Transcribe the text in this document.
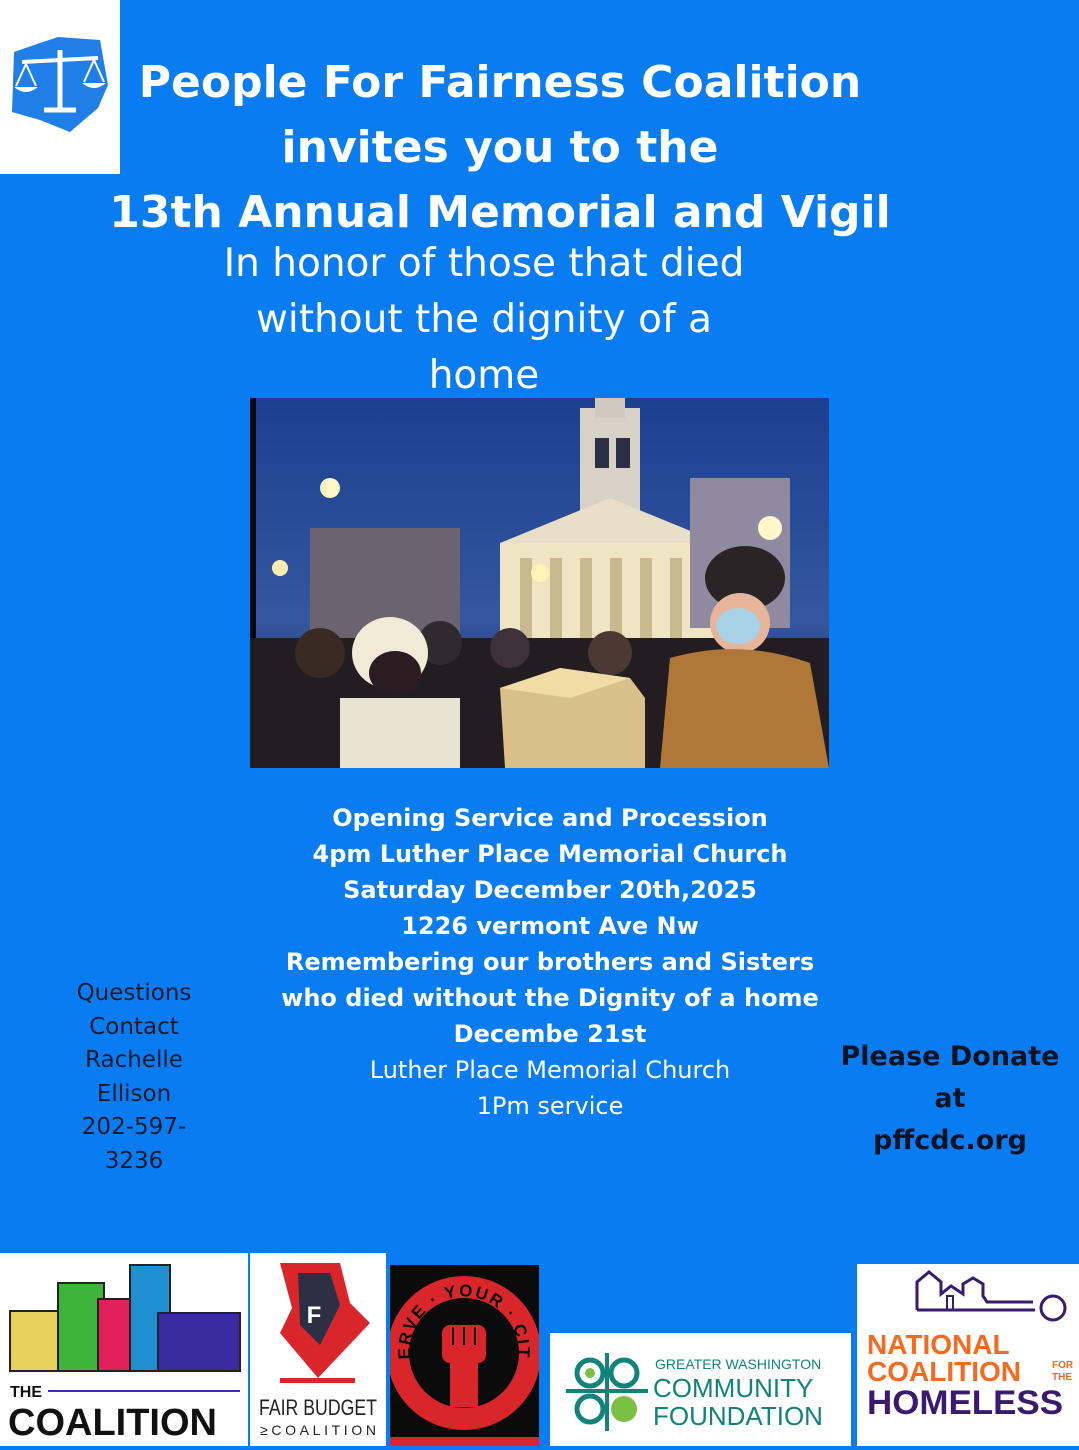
People For Fairness Coalition
invites you to the
13th Annual Memorial and Vigil
In honor of those that died
without the dignity of a
home
Opening Service and Procession
4pm Luther Place Memorial Church
Saturday December 20th,2025
1226 vermont Ave Nw
Remembering our brothers and Sisters
who died without the Dignity of a home
Decembe 21st
Luther Place Memorial Church
1Pm service
Questions
Contact
Rachelle
Ellison
202-597-
3236
Please Donate
at
pffcdc.org
THE
COALITION
F
FAIR BUDGET
≥COALITION
ERVE · YOUR · CIT
GREATER WASHINGTON
COMMUNITY
FOUNDATION
NATIONAL
COALITION	FOR
THE
HOMELESS
